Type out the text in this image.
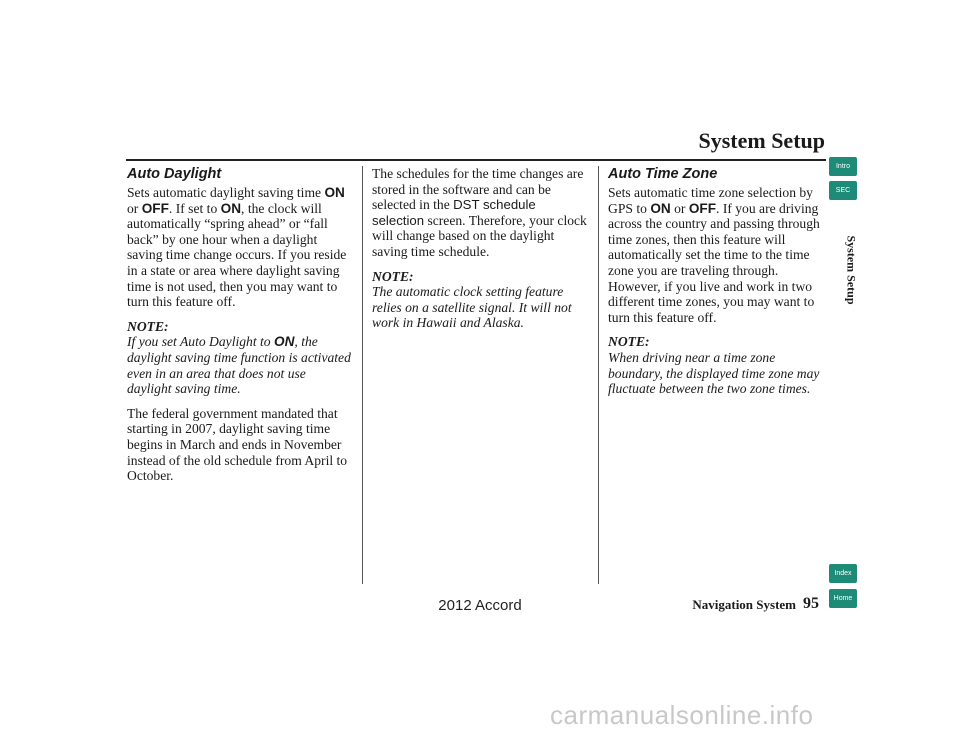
System Setup
Auto Daylight

Sets automatic daylight saving time ON or OFF. If set to ON, the clock will automatically “spring ahead” or “fall back” by one hour when a daylight saving time change occurs. If you reside in a state or area where daylight saving time is not used, then you may want to turn this feature off.

NOTE:

If you set Auto Daylight to ON, the daylight saving time function is activated even in an area that does not use daylight saving time.

The federal government mandated that starting in 2007, daylight saving time begins in March and ends in November instead of the old schedule from April to October.

The schedules for the time changes are stored in the software and can be selected in the DST schedule selection screen. Therefore, your clock will change based on the daylight saving time schedule.

NOTE:

The automatic clock setting feature relies on a satellite signal. It will not work in Hawaii and Alaska.

Auto Time Zone

Sets automatic time zone selection by GPS to ON or OFF. If you are driving across the country and passing through time zones, then this feature will automatically set the time to the time zone you are traveling through. However, if you live and work in two different time zones, you may want to turn this feature off.

NOTE:

When driving near a time zone boundary, the displayed time zone may fluctuate between the two zone times.

Intro
SEC
System Setup
Index
Home
Navigation System 95
2012 Accord
carmanualsonline.info
